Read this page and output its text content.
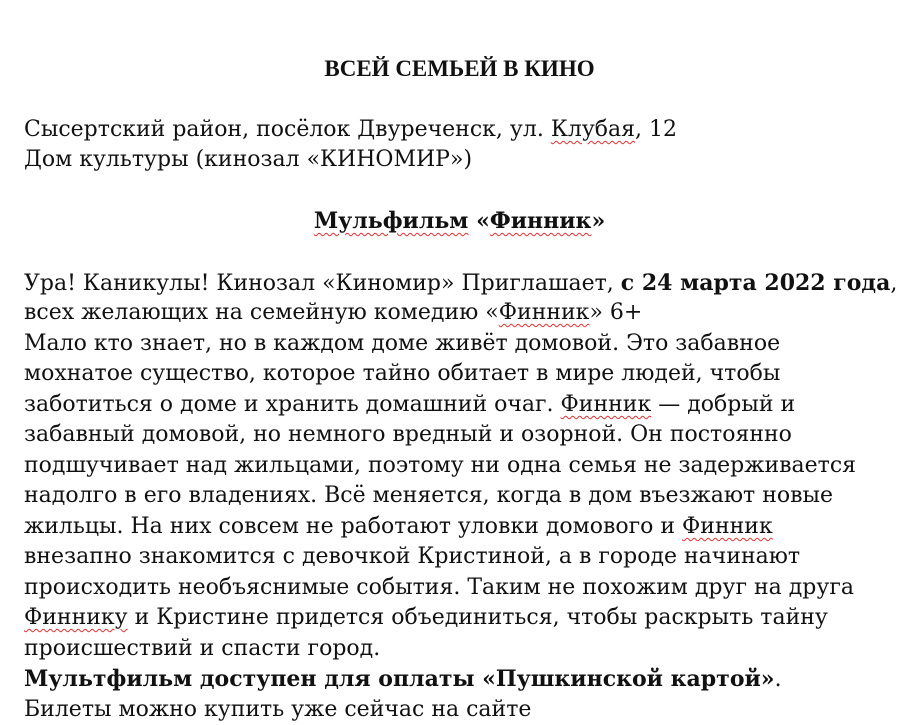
ВСЕЙ СЕМЬЕЙ В КИНО
Сысертский район, посёлок Двуреченск, ул. Клубая, 12
Дом культуры (кинозал «КИНОМИР»)
Мульфильм «Финник»
Ура! Каникулы! Кинозал «Киномир» Приглашает, с 24 марта 2022 года,
всех желающих на семейную комедию «Финник» 6+
Мало кто знает, но в каждом доме живёт домовой. Это забавное
мохнатое существо, которое тайно обитает в мире людей, чтобы
заботиться о доме и хранить домашний очаг. Финник — добрый и
забавный домовой, но немного вредный и озорной. Он постоянно
подшучивает над жильцами, поэтому ни одна семья не задерживается
надолго в его владениях. Всё меняется, когда в дом въезжают новые
жильцы. На них совсем не работают уловки домового и Финник
внезапно знакомится с девочкой Кристиной, а в городе начинают
происходить необъяснимые события. Таким не похожим друг на друга
Финнику и Кристине придется объединиться, чтобы раскрыть тайну
происшествий и спасти город.
Мультфильм доступен для оплаты «Пушкинской картой».
Билеты можно купить уже сейчас на сайте
